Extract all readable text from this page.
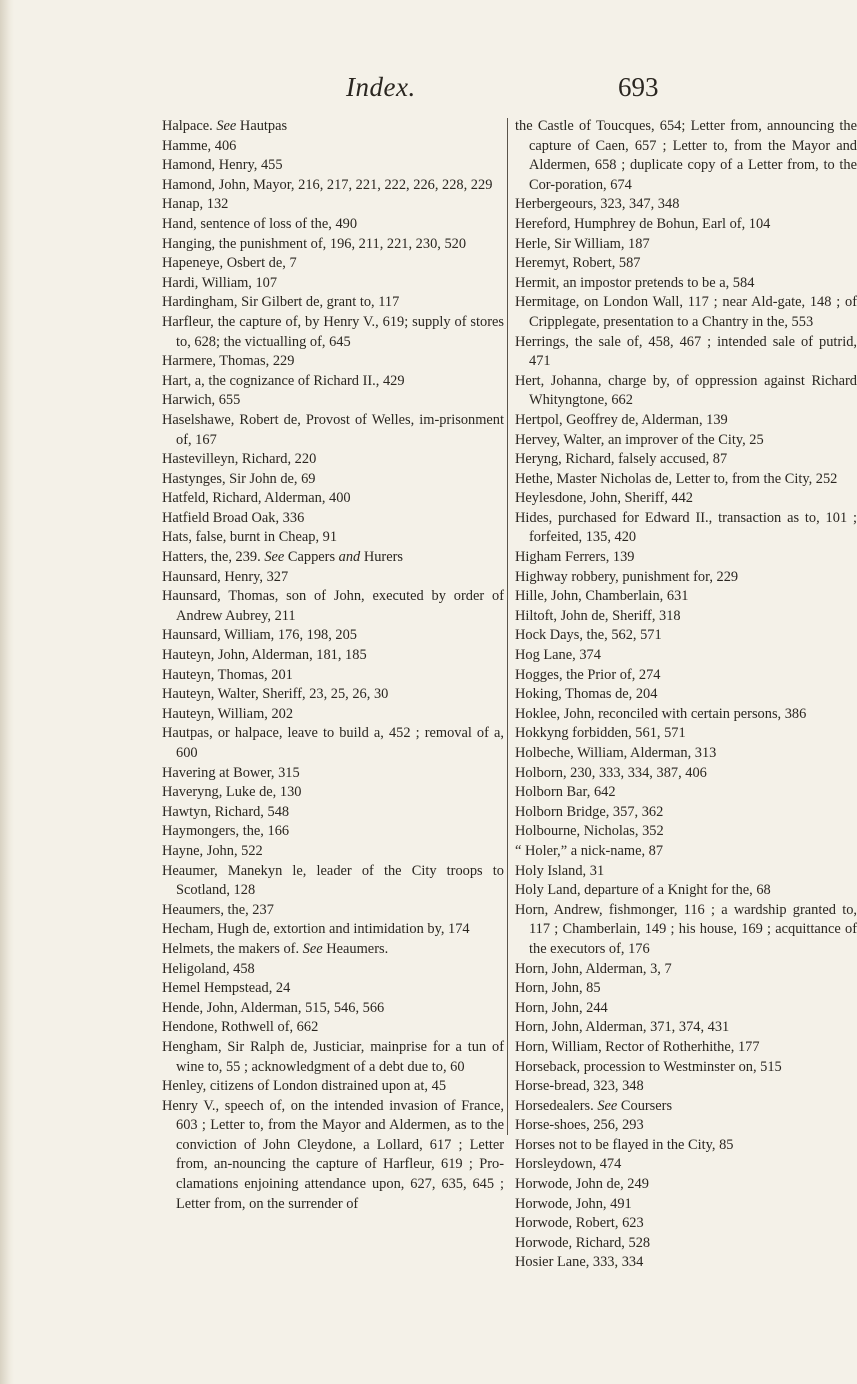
Index.	693

Halpace. See Hautpas

Hamme, 406

Hamond, Henry, 455

Hamond, John, Mayor, 216, 217, 221, 222, 226, 228, 229

Hanap, 132

Hand, sentence of loss of the, 490

Hanging, the punishment of, 196, 211, 221, 230, 520

Hapeneye, Osbert de, 7

Hardi, William, 107

Hardingham, Sir Gilbert de, grant to, 117

Harfleur, the capture of, by Henry V., 619; supply of stores to, 628; the victualling of, 645

Harmere, Thomas, 229

Hart, a, the cognizance of Richard II., 429

Harwich, 655

Haselshawe, Robert de, Provost of Welles, im-prisonment of, 167

Hastevilleyn, Richard, 220

Hastynges, Sir John de, 69

Hatfeld, Richard, Alderman, 400

Hatfield Broad Oak, 336

Hats, false, burnt in Cheap, 91

Hatters, the, 239. See Cappers and Hurers

Haunsard, Henry, 327

Haunsard, Thomas, son of John, executed by order of Andrew Aubrey, 211

Haunsard, William, 176, 198, 205

Hauteyn, John, Alderman, 181, 185

Hauteyn, Thomas, 201

Hauteyn, Walter, Sheriff, 23, 25, 26, 30

Hauteyn, William, 202

Hautpas, or halpace, leave to build a, 452 ; removal of a, 600

Havering at Bower, 315

Haveryng, Luke de, 130

Hawtyn, Richard, 548

Haymongers, the, 166

Hayne, John, 522

Heaumer, Manekyn le, leader of the City troops to Scotland, 128

Heaumers, the, 237

Hecham, Hugh de, extortion and intimidation by, 174

Helmets, the makers of. See Heaumers.

Heligoland, 458

Hemel Hempstead, 24

Hende, John, Alderman, 515, 546, 566

Hendone, Rothwell of, 662

Hengham, Sir Ralph de, Justiciar, mainprise for a tun of wine to, 55 ; acknowledgment of a debt due to, 60

Henley, citizens of London distrained upon at, 45

Henry V., speech of, on the intended invasion of France, 603 ; Letter to, from the Mayor and Aldermen, as to the conviction of John Cleydone, a Lollard, 617 ; Letter from, an-nouncing the capture of Harfleur, 619 ; Pro-clamations enjoining attendance upon, 627, 635, 645 ; Letter from, on the surrender of

the Castle of Toucques, 654; Letter from, announcing the capture of Caen, 657 ; Letter to, from the Mayor and Aldermen, 658 ; duplicate copy of a Letter from, to the Cor-poration, 674

Herbergeours, 323, 347, 348

Hereford, Humphrey de Bohun, Earl of, 104

Herle, Sir William, 187

Heremyt, Robert, 587

Hermit, an impostor pretends to be a, 584

Hermitage, on London Wall, 117 ; near Ald-gate, 148 ; of Cripplegate, presentation to a Chantry in the, 553

Herrings, the sale of, 458, 467 ; intended sale of putrid, 471

Hert, Johanna, charge by, of oppression against Richard Whityngtone, 662

Hertpol, Geoffrey de, Alderman, 139

Hervey, Walter, an improver of the City, 25

Heryng, Richard, falsely accused, 87

Hethe, Master Nicholas de, Letter to, from the City, 252

Heylesdone, John, Sheriff, 442

Hides, purchased for Edward II., transaction as to, 101 ; forfeited, 135, 420

Higham Ferrers, 139

Highway robbery, punishment for, 229

Hille, John, Chamberlain, 631

Hiltoft, John de, Sheriff, 318

Hock Days, the, 562, 571

Hog Lane, 374

Hogges, the Prior of, 274

Hoking, Thomas de, 204

Hoklee, John, reconciled with certain persons, 386

Hokkyng forbidden, 561, 571

Holbeche, William, Alderman, 313

Holborn, 230, 333, 334, 387, 406

Holborn Bar, 642

Holborn Bridge, 357, 362

Holbourne, Nicholas, 352

“ Holer,” a nick-name, 87

Holy Island, 31

Holy Land, departure of a Knight for the, 68

Horn, Andrew, fishmonger, 116 ; a wardship granted to, 117 ; Chamberlain, 149 ; his house, 169 ; acquittance of the executors of, 176

Horn, John, Alderman, 3, 7

Horn, John, 85

Horn, John, 244

Horn, John, Alderman, 371, 374, 431

Horn, William, Rector of Rotherhithe, 177

Horseback, procession to Westminster on, 515

Horse-bread, 323, 348

Horsedealers. See Coursers

Horse-shoes, 256, 293

Horses not to be flayed in the City, 85

Horsleydown, 474

Horwode, John de, 249

Horwode, John, 491

Horwode, Robert, 623

Horwode, Richard, 528

Hosier Lane, 333, 334
